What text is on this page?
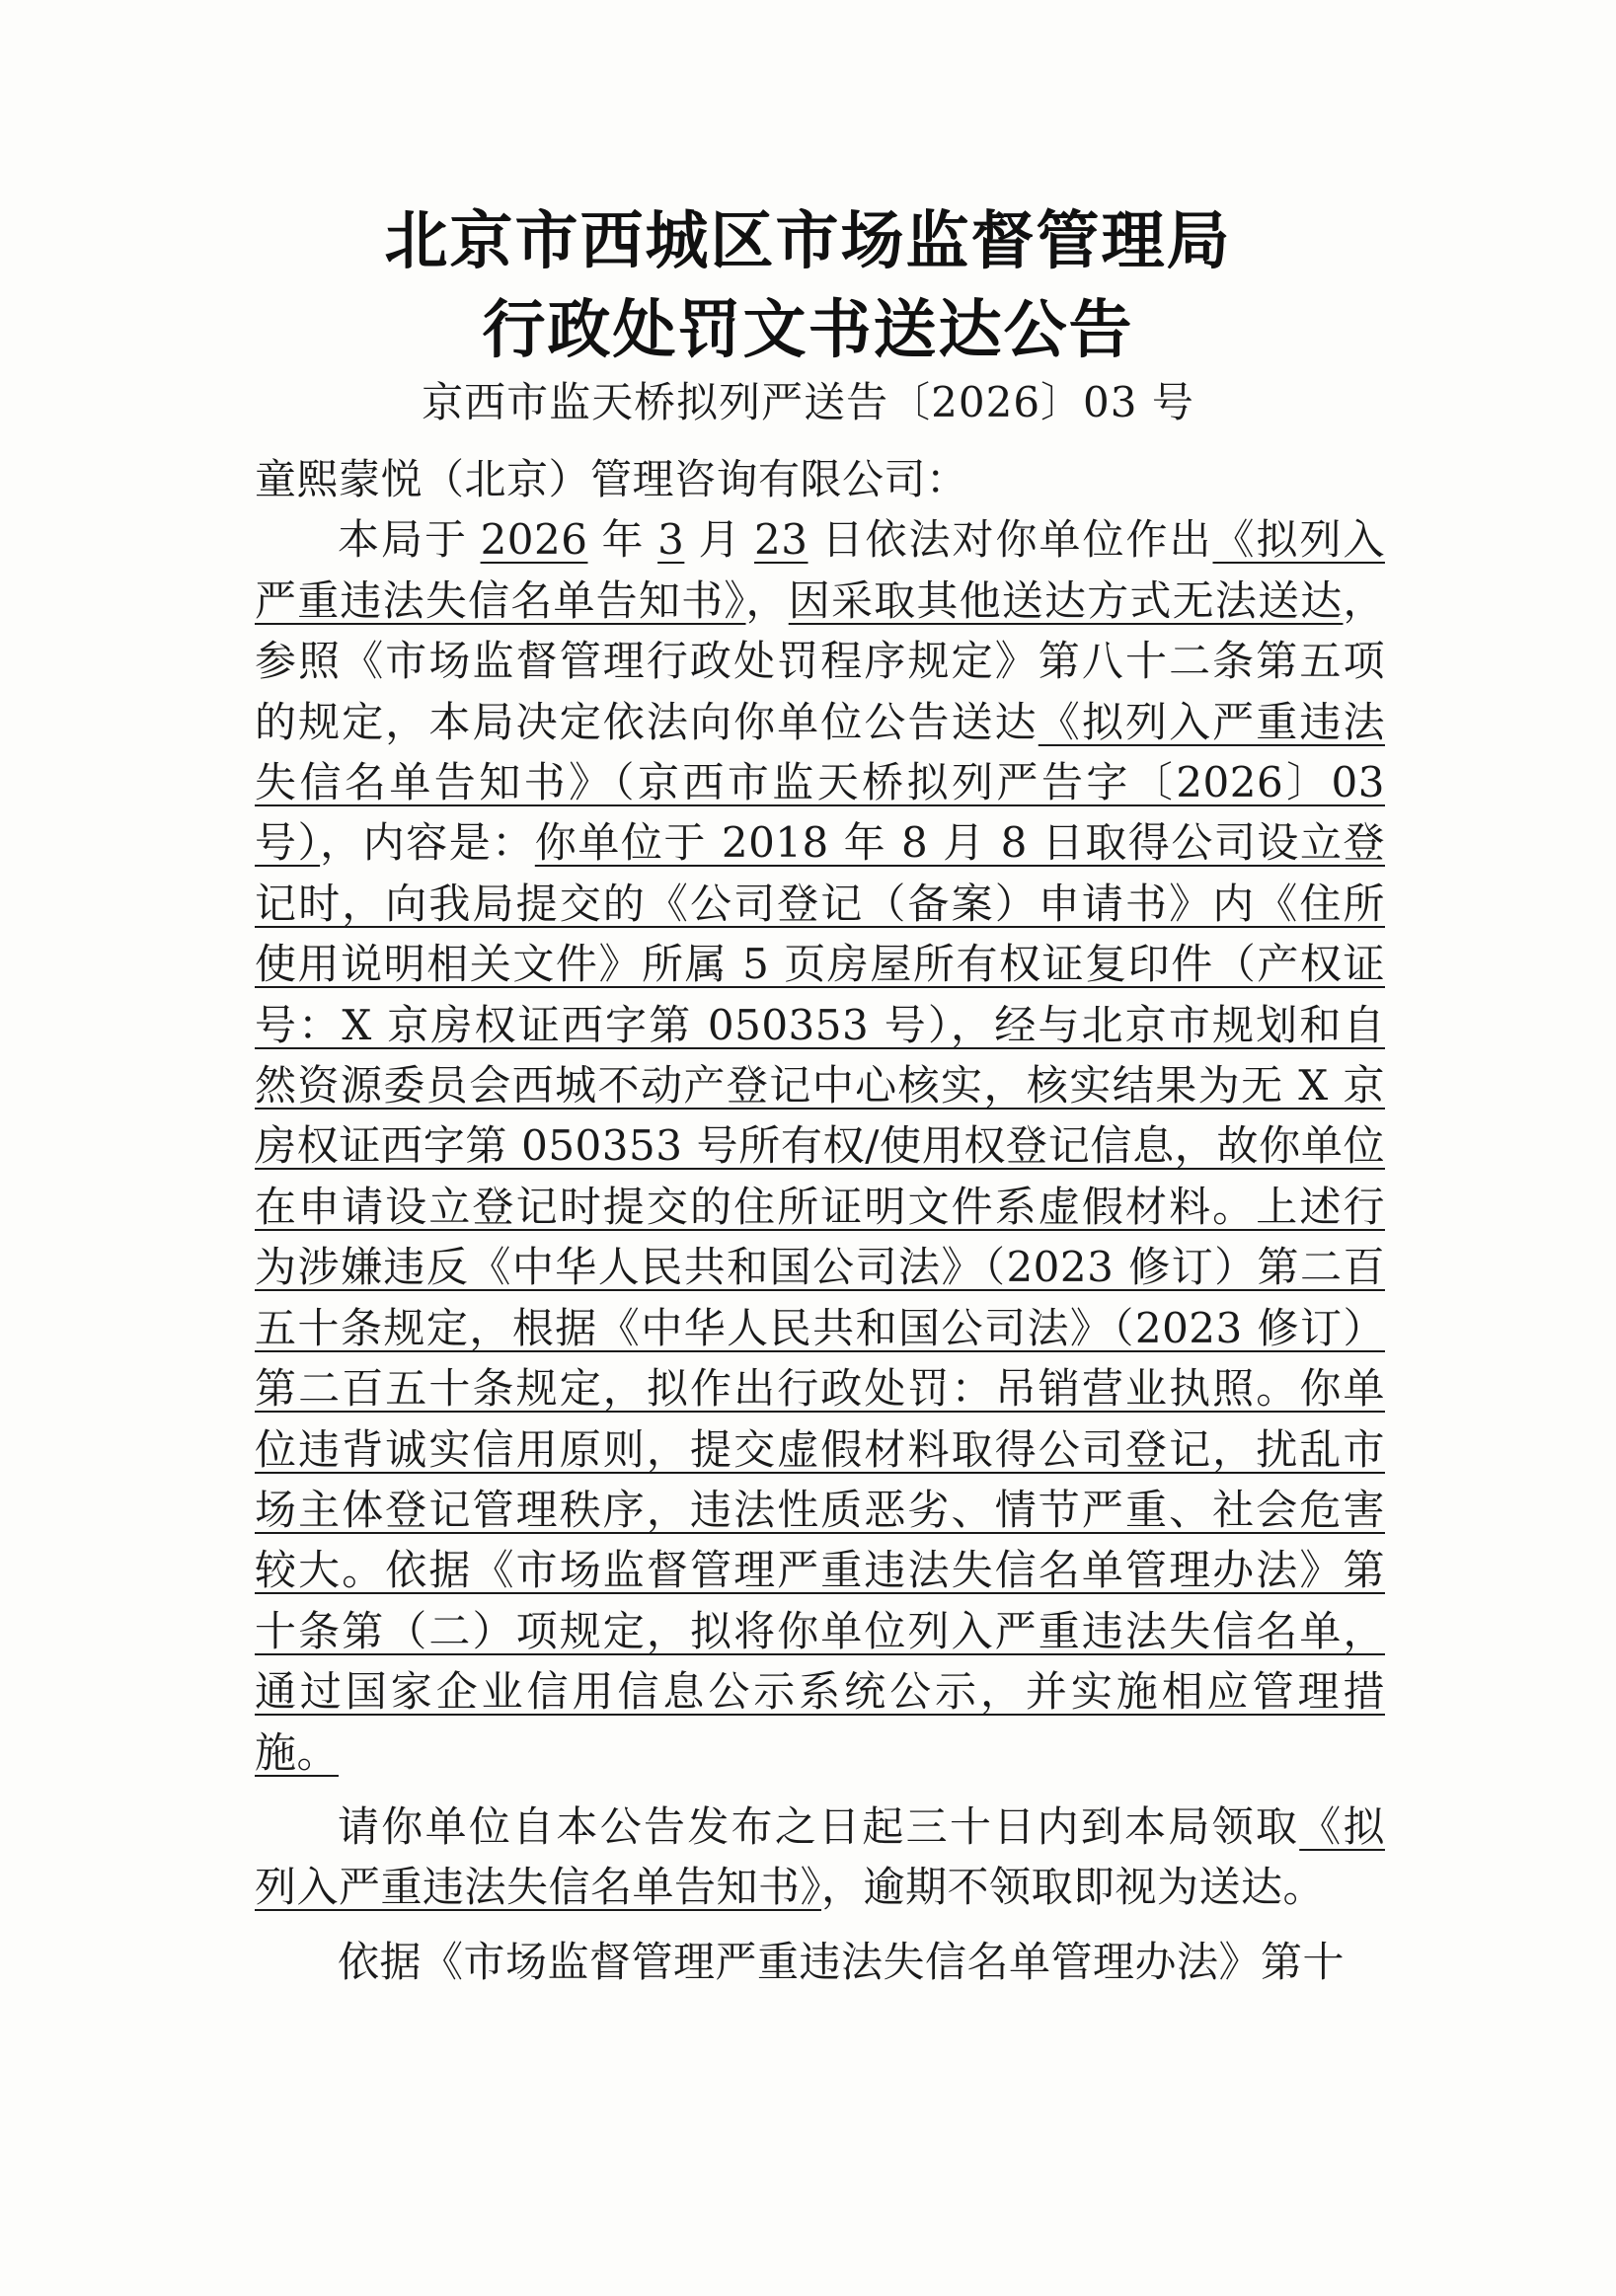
北京市西城区市场监督管理局
行政处罚文书送达公告
京西市监天桥拟列严送告〔2026〕03 号

童熙蒙悦（北京）管理咨询有限公司：

本局于 2026 年 3 月 23 日依法对你单位作出《拟列入严重违法失信名单告知书》，因采取其他送达方式无法送达，参照《市场监督管理行政处罚程序规定》第八十二条第五项的规定，本局决定依法向你单位公告送达《拟列入严重违法失信名单告知书》（京西市监天桥拟列严告字〔2026〕03 号），内容是：你单位于 2018 年 8 月 8 日取得公司设立登记时，向我局提交的《公司登记（备案）申请书》内《住所使用说明相关文件》所属 5 页房屋所有权证复印件（产权证号：X 京房权证西字第 050353 号），经与北京市规划和自然资源委员会西城不动产登记中心核实，核实结果为无 X 京房权证西字第 050353 号所有权/使用权登记信息，故你单位在申请设立登记时提交的住所证明文件系虚假材料。上述行为涉嫌违反《中华人民共和国公司法》（2023 修订）第二百五十条规定，根据《中华人民共和国公司法》（2023 修订）第二百五十条规定，拟作出行政处罚：吊销营业执照。你单位违背诚实信用原则，提交虚假材料取得公司登记，扰乱市场主体登记管理秩序，违法性质恶劣、情节严重、社会危害较大。依据《市场监督管理严重违法失信名单管理办法》第十条第（二）项规定，拟将你单位列入严重违法失信名单，通过国家企业信用信息公示系统公示，并实施相应管理措施。

请你单位自本公告发布之日起三十日内到本局领取《拟列入严重违法失信名单告知书》，逾期不领取即视为送达。

依据《市场监督管理严重违法失信名单管理办法》第十
